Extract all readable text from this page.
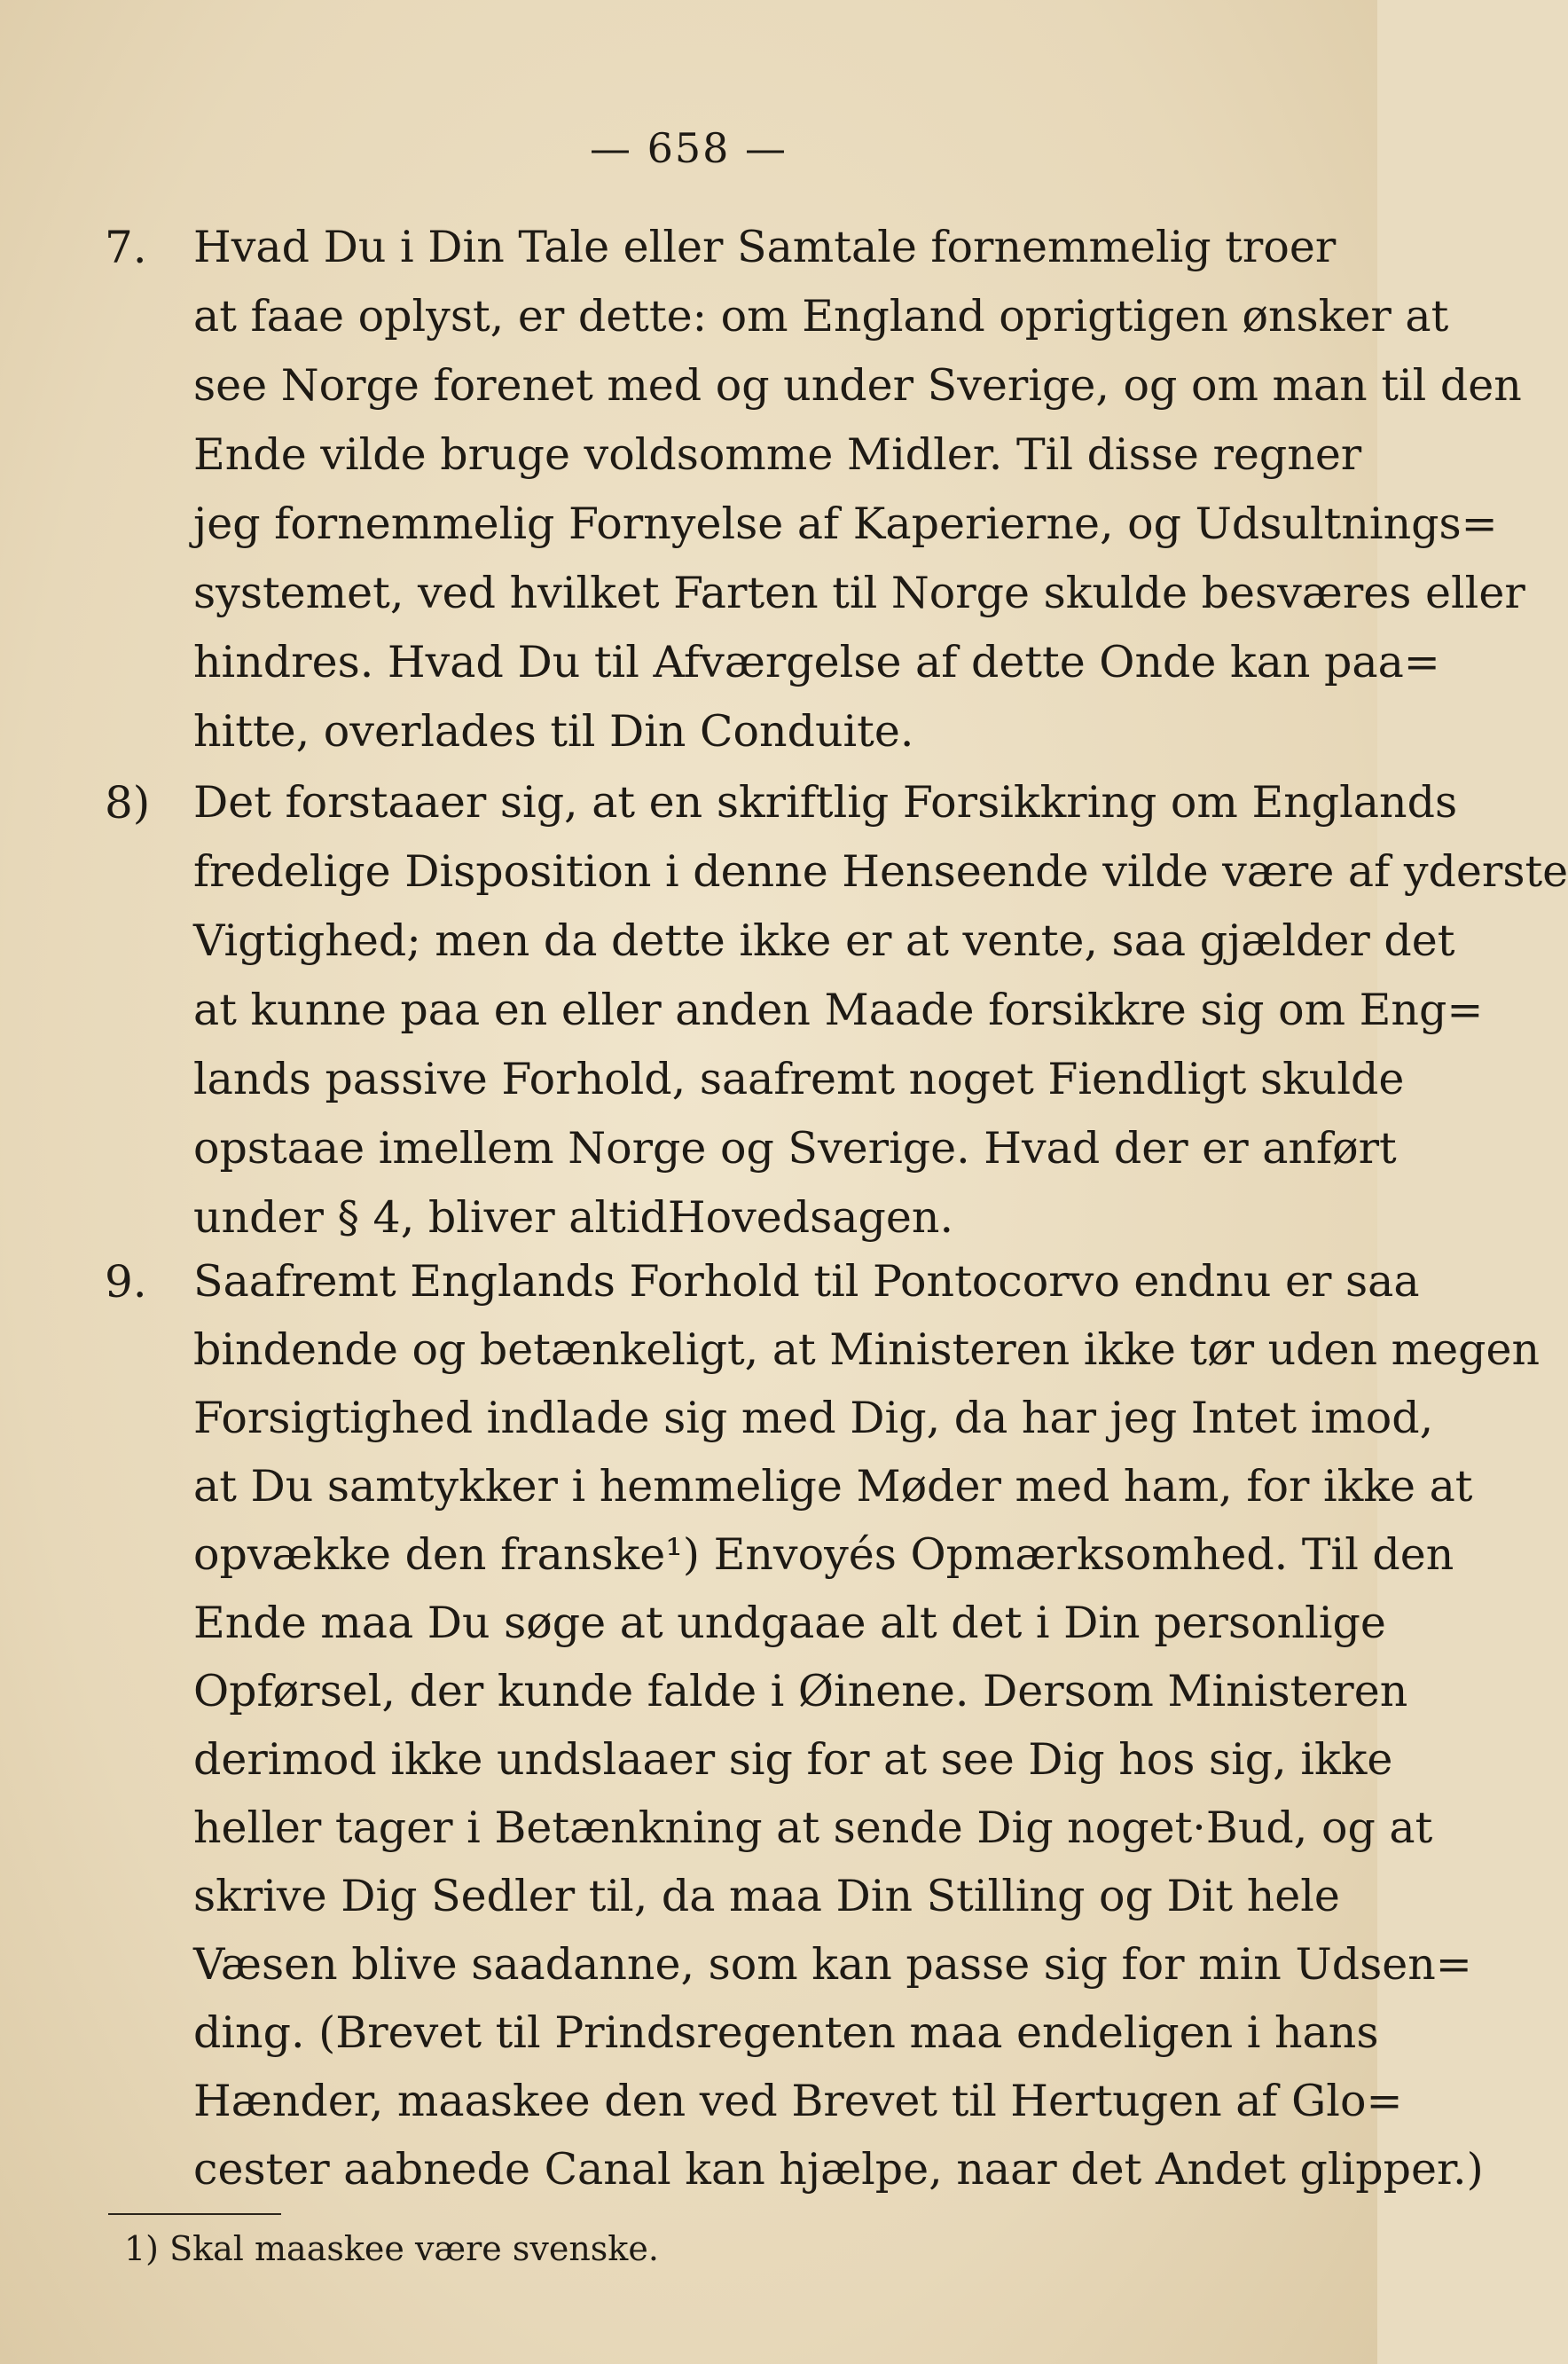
— 658 —
7. Hvad Du i Din Tale eller Samtale fornemmelig troer
at faae oplyst, er dette: om England oprigtigen ønsker at
see Norge forenet med og under Sverige, og om man til den
Ende vilde bruge voldsomme Midler. Til disse regner
jeg fornemmelig Fornyelse af Kaperierne, og Udsultnings=
systemet, ved hvilket Farten til Norge skulde besværes eller
hindres. Hvad Du til Afværgelse af dette Onde kan paa=
hitte, overlades til Din Conduite.
8) Det forstaaer sig, at en skriftlig Forsikkring om Englands
fredelige Disposition i denne Henseende vilde være af yderste
Vigtighed; men da dette ikke er at vente, saa gjælder det
at kunne paa en eller anden Maade forsikkre sig om Eng=
lands passive Forhold, saafremt noget Fiendligt skulde
opstaae imellem Norge og Sverige. Hvad der er anført
under § 4, bliver altidHovedsagen.
9. Saafremt Englands Forhold til Pontocorvo endnu er saa
bindende og betænkeligt, at Ministeren ikke tør uden megen
Forsigtighed indlade sig med Dig, da har jeg Intet imod,
at Du samtykker i hemmelige Møder med ham, for ikke at
opvække den franske¹) Envoyés Opmærksomhed. Til den
Ende maa Du søge at undgaae alt det i Din personlige
Opførsel, der kunde falde i Øinene. Dersom Ministeren
derimod ikke undslaaer sig for at see Dig hos sig, ikke
heller tager i Betænkning at sende Dig noget·Bud, og at
skrive Dig Sedler til, da maa Din Stilling og Dit hele
Væsen blive saadanne, som kan passe sig for min Udsen=
ding. (Brevet til Prindsregenten maa endeligen i hans
Hænder, maaskee den ved Brevet til Hertugen af Glo=
cester aabnede Canal kan hjælpe, naar det Andet glipper.)
1) Skal maaskee være svenske.
